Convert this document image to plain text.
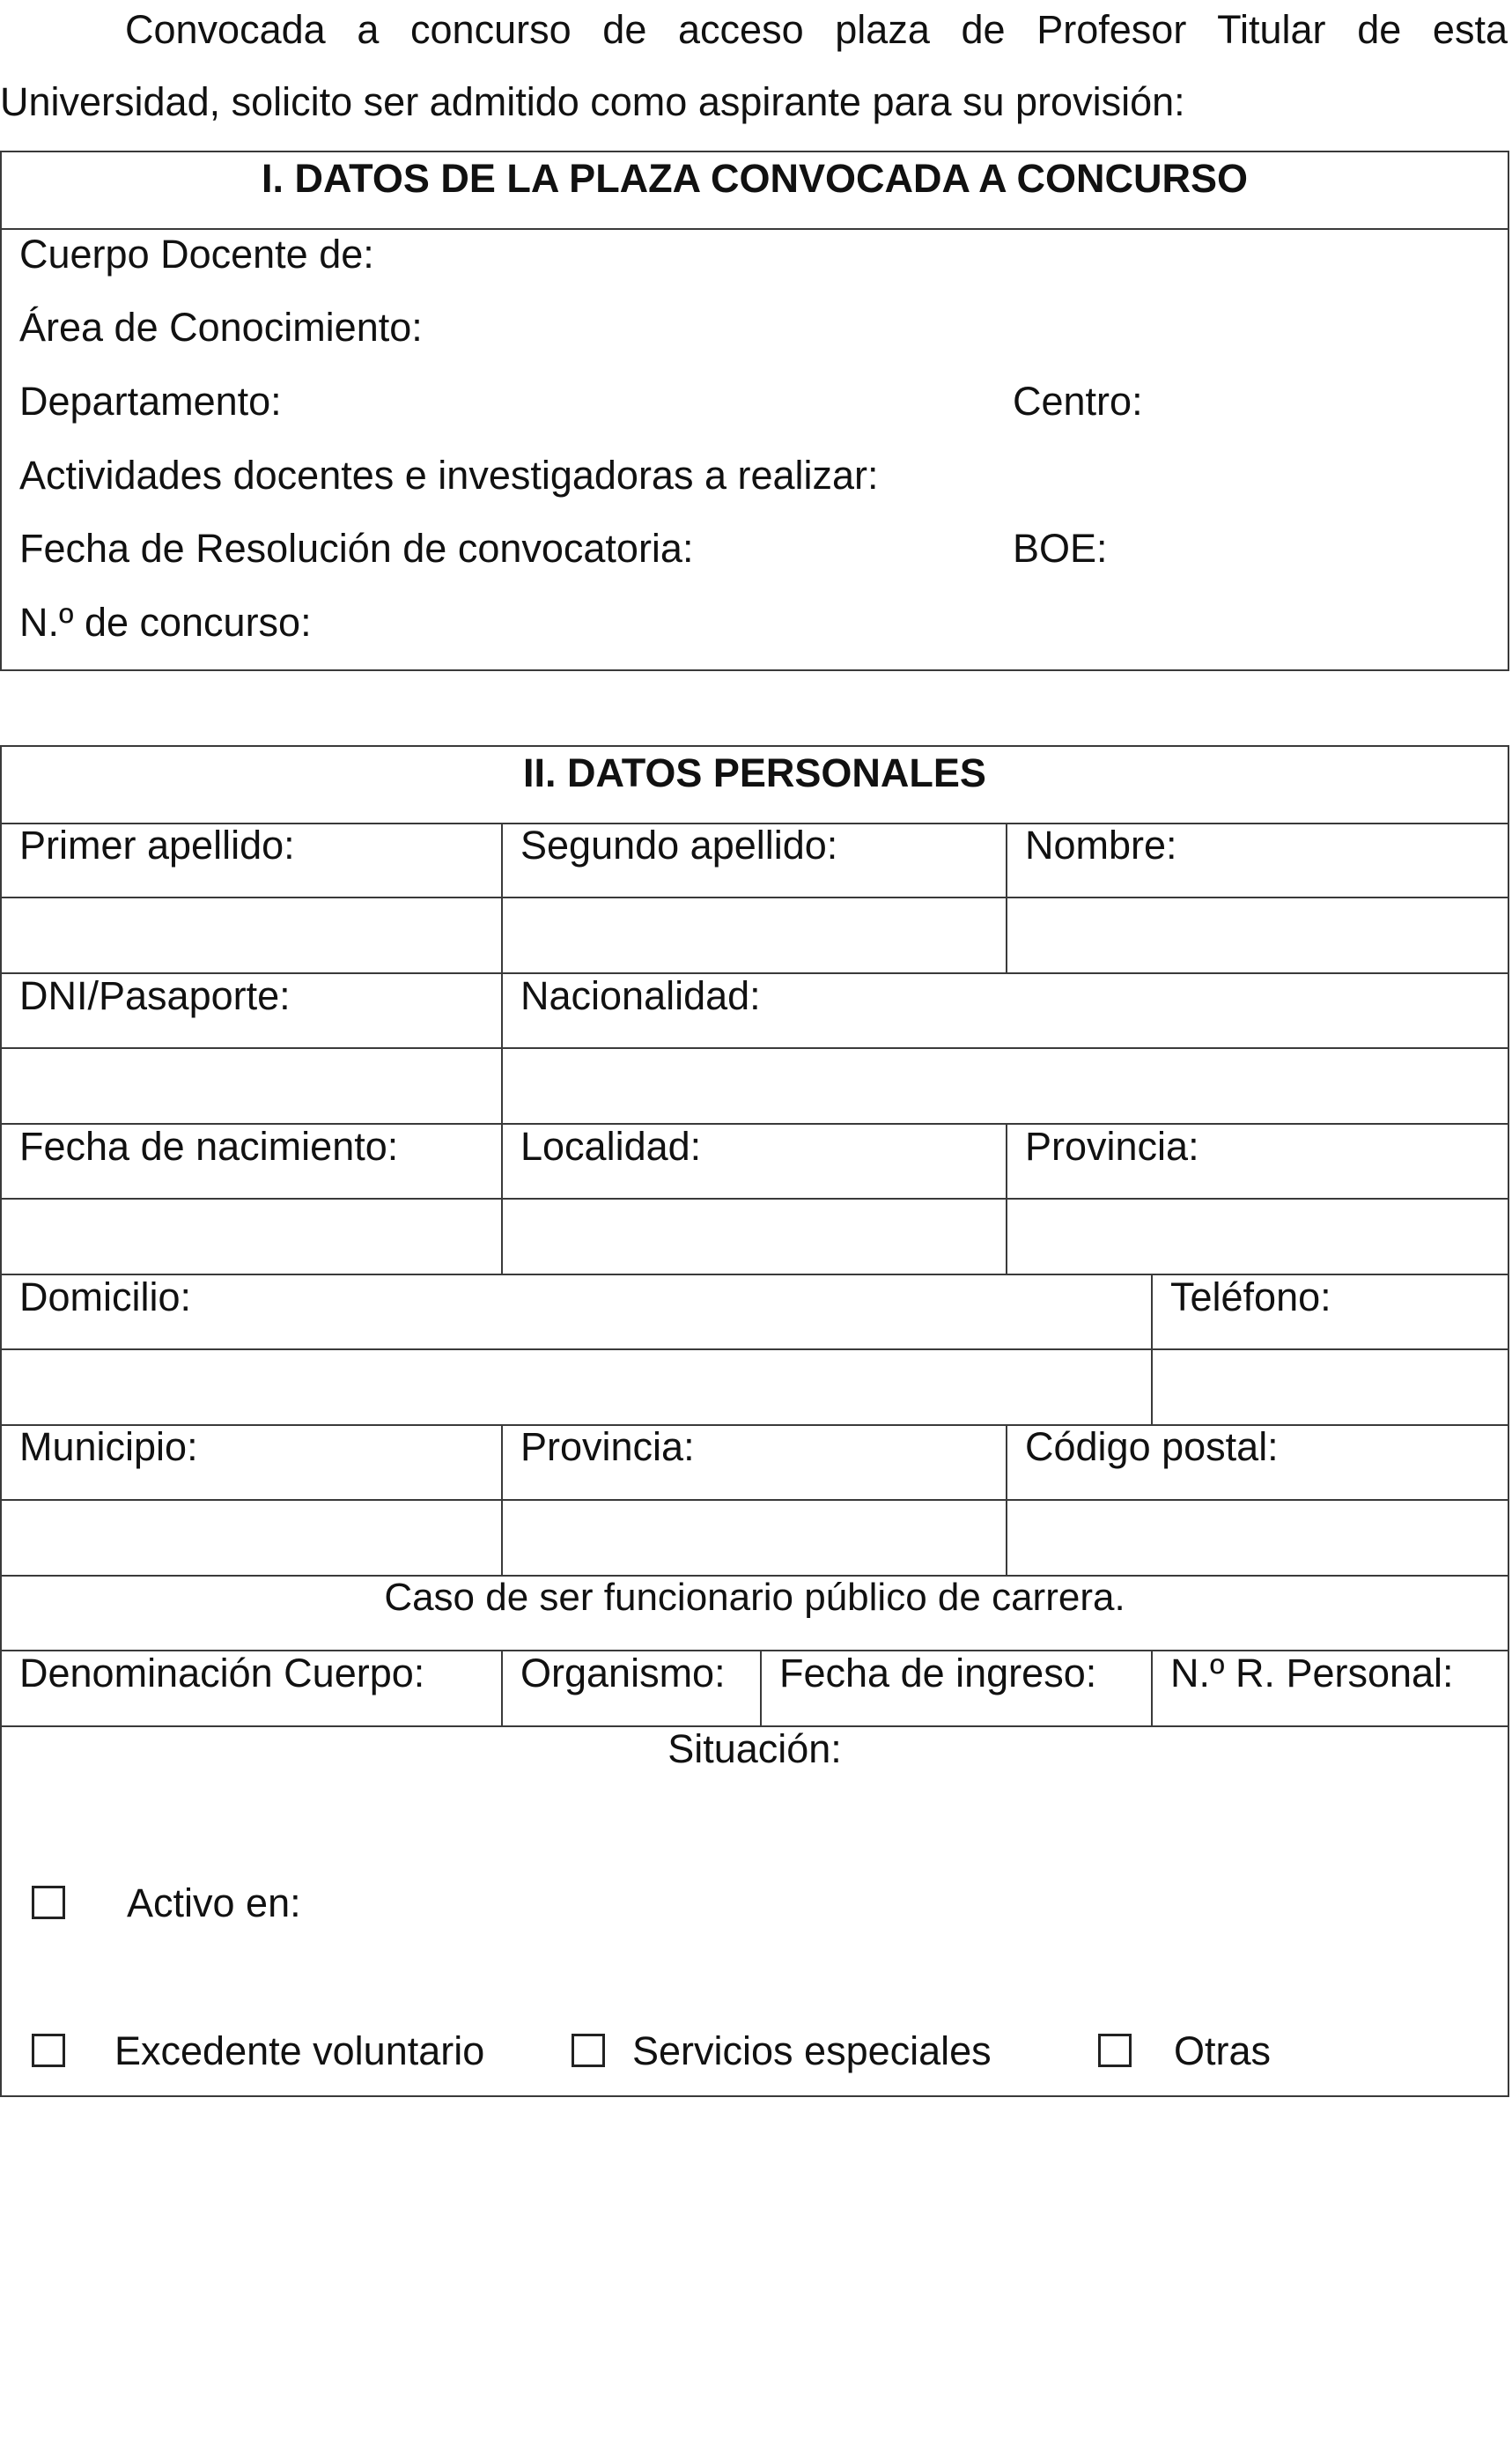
Convocada a concurso de acceso plaza de Profesor Titular de esta
Universidad, solicito ser admitido como aspirante para su provisión:
I. DATOS DE LA PLAZA CONVOCADA A CONCURSO
Cuerpo Docente de:
Área de Conocimiento:
Departamento:	Centro:
Actividades docentes e investigadoras a realizar:
Fecha de Resolución de convocatoria:	BOE:
N.º de concurso:
II. DATOS PERSONALES
Primer apellido:	Segundo apellido:	Nombre:
DNI/Pasaporte:	Nacionalidad:
Fecha de nacimiento:	Localidad:	Provincia:
Domicilio:	Teléfono:
Municipio:	Provincia:	Código postal:
Caso de ser funcionario público de carrera.
Denominación Cuerpo: Organismo: Fecha de ingreso: N.º R. Personal:
Situación:
Activo en:
Excedente voluntario	Servicios especiales	Otras
